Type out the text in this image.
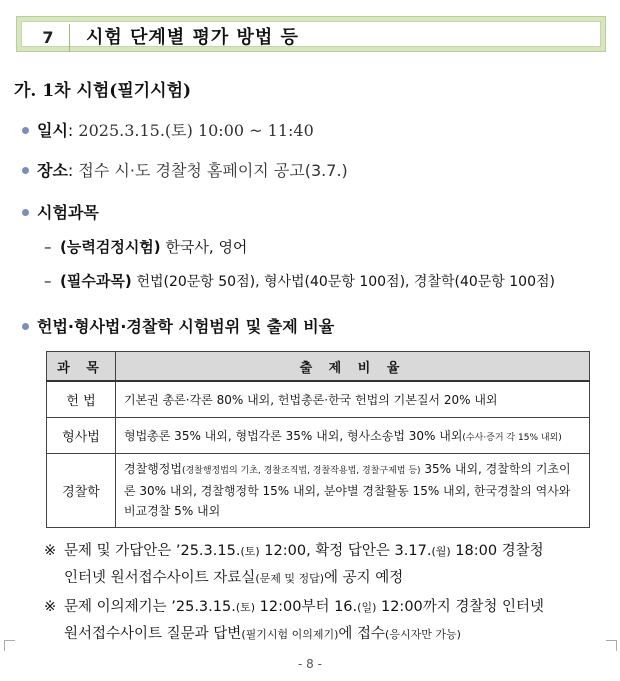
7	시험 단계별 평가 방법 등
가. 1차 시험(필기시험)
일시: 2025.3.15.(토) 10:00 ~ 11:40
장소: 접수 시·도 경찰청 홈페이지 공고(3.7.)
시험과목
– (능력검정시험) 한국사, 영어
– (필수과목) 헌법(20문항 50점), 형사법(40문항 100점), 경찰학(40문항 100점)
헌법·형사법·경찰학 시험범위 및 출제 비율
과 목	출 제 비 율
헌 법	기본권 총론·각론 80% 내외, 헌법총론·한국 헌법의 기본질서 20% 내외
형사법	형법총론 35% 내외, 형법각론 35% 내외, 형사소송법 30% 내외(수사·증거 각 15% 내외)
경찰학	경찰행정법(경찰행정법의 기초, 경찰조직법, 경찰작용법, 경찰구제법 등) 35% 내외, 경찰학의 기초이론 30% 내외, 경찰행정학 15% 내외, 분야별 경찰활동 15% 내외, 한국경찰의 역사와 비교경찰 5% 내외
※ 문제 및 가답안은 ’25.3.15.(토) 12:00, 확정 답안은 3.17.(월) 18:00 경찰청
인터넷 원서접수사이트 자료실(문제 및 정답)에 공지 예정
※ 문제 이의제기는 ’25.3.15.(토) 12:00부터 16.(일) 12:00까지 경찰청 인터넷
원서접수사이트 질문과 답변(필기시험 이의제기)에 접수(응시자만 가능)
- 8 -
